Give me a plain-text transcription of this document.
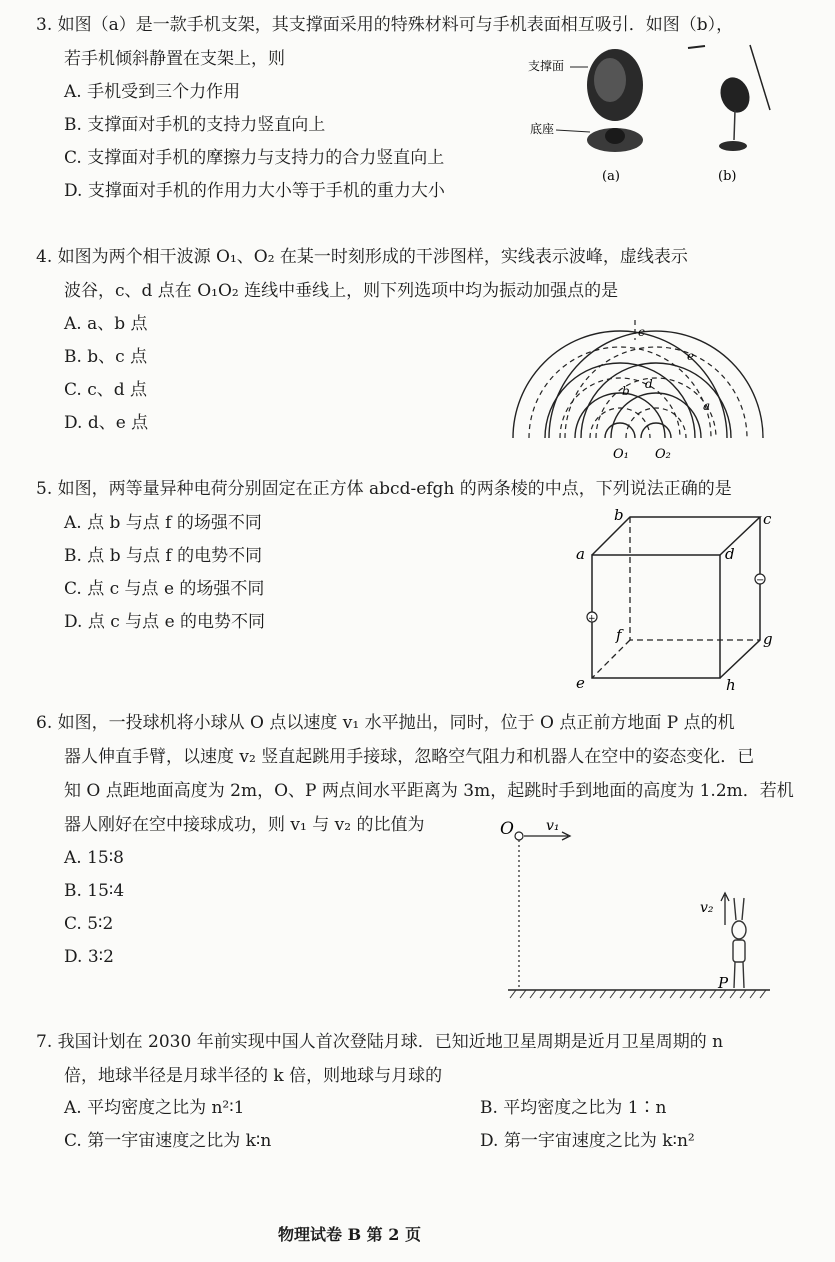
3. 如图（a）是一款手机支架，其支撑面采用的特殊材料可与手机表面相互吸引．如图（b），
若手机倾斜静置在支架上，则
A. 手机受到三个力作用
B. 支撑面对手机的支持力竖直向上
C. 支撑面对手机的摩擦力与支持力的合力竖直向上
D. 支撑面对手机的作用力大小等于手机的重力大小
支撑面
底座
(a)	(b)
4. 如图为两个相干波源 O₁、O₂ 在某一时刻形成的干涉图样，实线表示波峰，虚线表示
波谷，c、d 点在 O₁O₂ 连线中垂线上，则下列选项中均为振动加强点的是
A. a、b 点
B. b、c 点
C. c、d 点
D. d、e 点
c
e
b d
a
O₁ O₂
5. 如图，两等量异种电荷分别固定在正方体 abcd-efgh 的两条棱的中点，下列说法正确的是
A. 点 b 与点 f 的场强不同
B. 点 b 与点 f 的电势不同
C. 点 c 与点 e 的场强不同
D. 点 c 与点 e 的电势不同	+
−
a
b	c
d
e
f	g
h
6. 如图，一投球机将小球从 O 点以速度 v₁ 水平抛出，同时，位于 O 点正前方地面 P 点的机
器人伸直手臂，以速度 v₂ 竖直起跳用手接球，忽略空气阻力和机器人在空中的姿态变化．已
知 O 点距地面高度为 2m，O、P 两点间水平距离为 3m，起跳时手到地面的高度为 1.2m．若机
器人刚好在空中接球成功，则 v₁ 与 v₂ 的比值为
A. 15∶8
B. 15∶4
C. 5∶2
D. 3∶2
O v₁
v₂
P
7. 我国计划在 2030 年前实现中国人首次登陆月球．已知近地卫星周期是近月卫星周期的 n
倍，地球半径是月球半径的 k 倍，则地球与月球的
A. 平均密度之比为 n²∶1	B. 平均密度之比为 1∶n
C. 第一宇宙速度之比为 k∶n	D. 第一宇宙速度之比为 k∶n²
物理试卷 B 第 2 页
